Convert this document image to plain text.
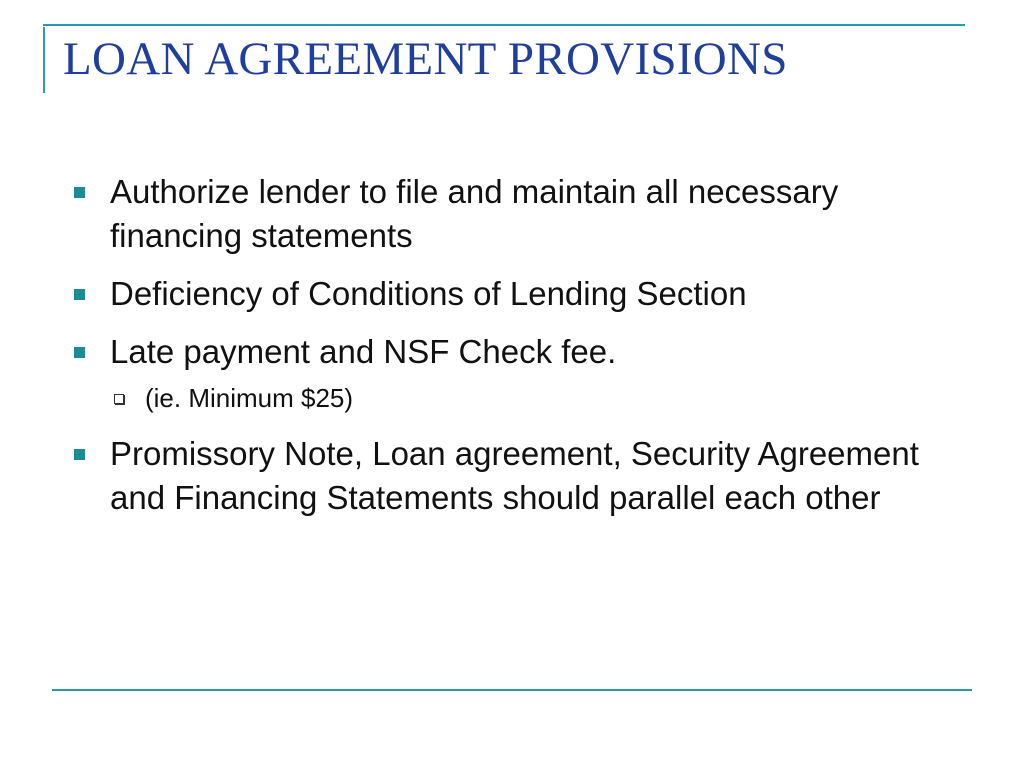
LOAN AGREEMENT PROVISIONS
Authorize lender to file and maintain all necessary financing statements
Deficiency of Conditions of Lending Section
Late payment and NSF Check fee.
(ie. Minimum $25)
Promissory Note, Loan agreement, Security Agreement and Financing Statements should parallel each other
